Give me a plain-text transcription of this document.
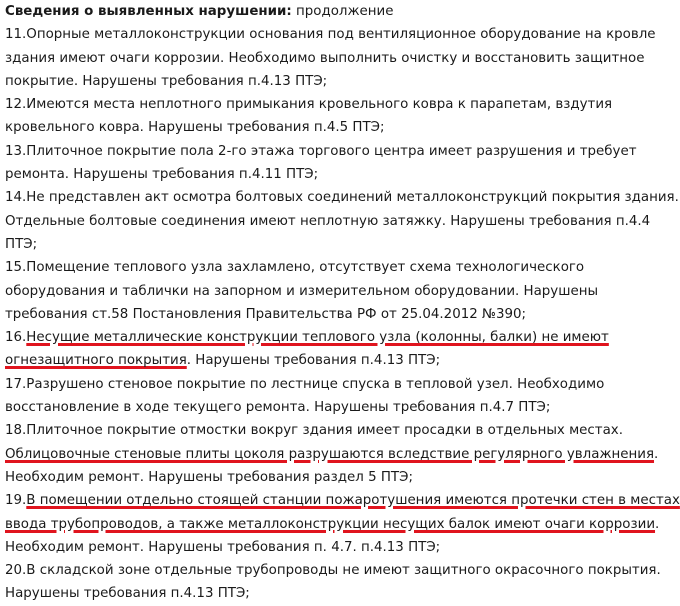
Сведения о выявленных нарушении: продолжение
11.Опорные металлоконструкции основания под вентиляционное оборудование на кровле
здания имеют очаги коррозии. Необходимо выполнить очистку и восстановить защитное
покрытие. Нарушены требования п.4.13 ПТЭ;
12.Имеются места неплотного примыкания кровельного ковра к парапетам, вздутия
кровельного ковра. Нарушены требования п.4.5 ПТЭ;
13.Плиточное покрытие пола 2-го этажа торгового центра имеет разрушения и требует
ремонта. Нарушены требования п.4.11 ПТЭ;
14.Не представлен акт осмотра болтовых соединений металлоконструкций покрытия здания.
Отдельные болтовые соединения имеют неплотную затяжку. Нарушены требования п.4.4
ПТЭ;
15.Помещение теплового узла захламлено, отсутствует схема технологического
оборудования и таблички на запорном и измерительном оборудовании. Нарушены
требования ст.58 Постановления Правительства РФ от 25.04.2012 №390;
16.Несущие металлические конструкции теплового узла (колонны, балки) не имеют
огнезащитного покрытия. Нарушены требования п.4.13 ПТЭ;
17.Разрушено стеновое покрытие по лестнице спуска в тепловой узел. Необходимо
восстановление в ходе текущего ремонта. Нарушены требования п.4.7 ПТЭ;
18.Плиточное покрытие отмостки вокруг здания имеет просадки в отдельных местах.
Облицовочные стеновые плиты цоколя разрушаются вследствие регулярного увлажнения.
Необходим ремонт. Нарушены требования раздел 5 ПТЭ;
19.В помещении отдельно стоящей станции пожаротушения имеются протечки стен в местах
ввода трубопроводов, а также металлоконструкции несущих балок имеют очаги коррозии.
Необходим ремонт. Нарушены требования п. 4.7. п.4.13 ПТЭ;
20.В складской зоне отдельные трубопроводы не имеют защитного окрасочного покрытия.
Нарушены требования п.4.13 ПТЭ;
